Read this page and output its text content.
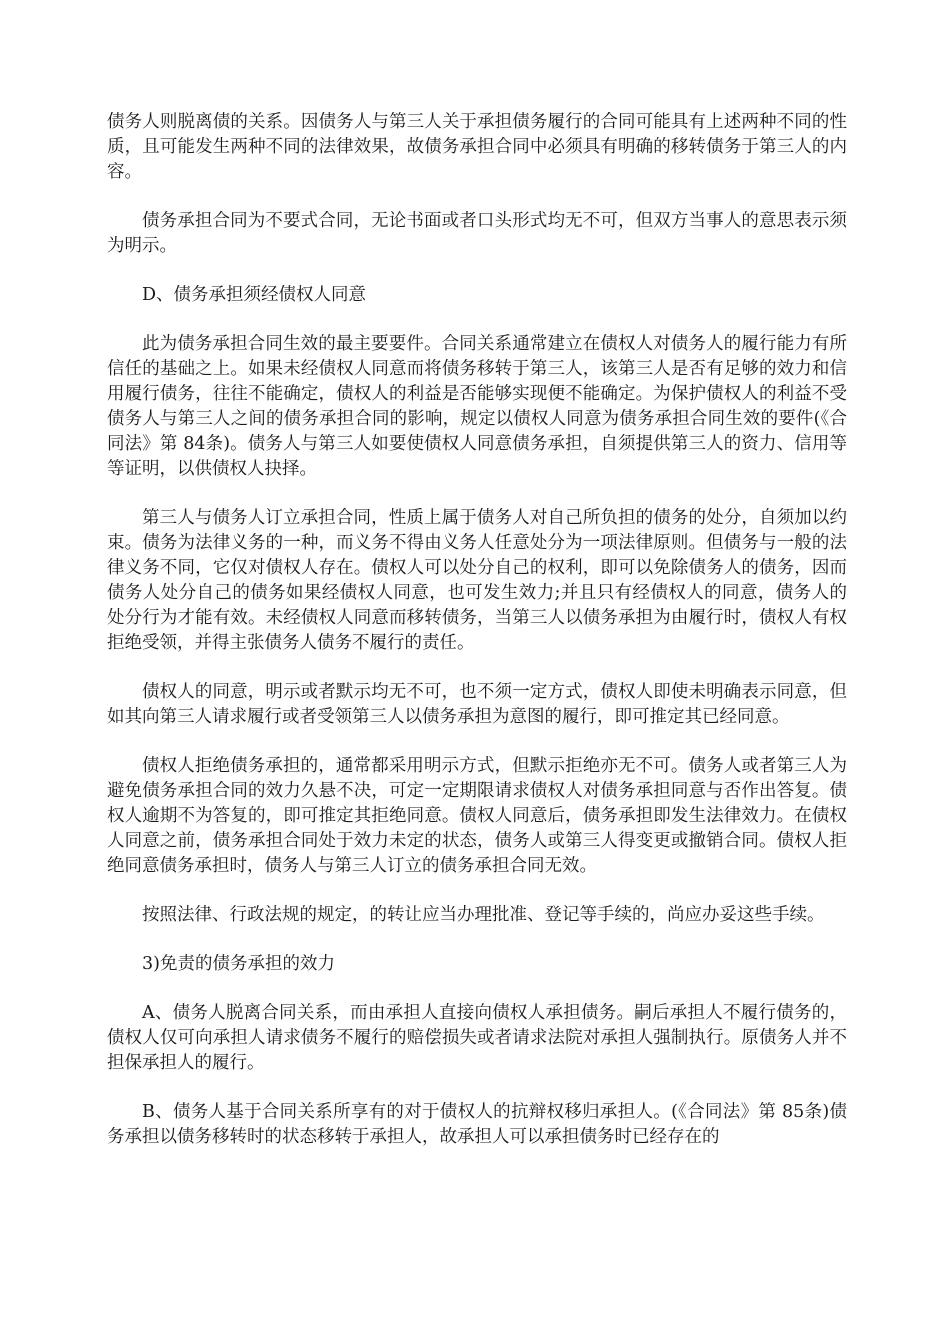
债务人则脱离债的关系。因债务人与第三人关于承担债务履行的合同可能具有上述两种不同的性质，且可能发生两种不同的法律效果，故债务承担合同中必须具有明确的移转债务于第三人的内容。

债务承担合同为不要式合同，无论书面或者口头形式均无不可，但双方当事人的意思表示须为明示。

D、债务承担须经债权人同意

此为债务承担合同生效的最主要要件。合同关系通常建立在债权人对债务人的履行能力有所信任的基础之上。如果未经债权人同意而将债务移转于第三人，该第三人是否有足够的效力和信用履行债务，往往不能确定，债权人的利益是否能够实现便不能确定。为保护债权人的利益不受债务人与第三人之间的债务承担合同的影响，规定以债权人同意为债务承担合同生效的要件(《合同法》第 84条)。债务人与第三人如要使债权人同意债务承担，自须提供第三人的资力、信用等等证明，以供债权人抉择。

第三人与债务人订立承担合同，性质上属于债务人对自己所负担的债务的处分，自须加以约束。债务为法律义务的一种，而义务不得由义务人任意处分为一项法律原则。但债务与一般的法律义务不同，它仅对债权人存在。债权人可以处分自己的权利，即可以免除债务人的债务，因而债务人处分自己的债务如果经债权人同意，也可发生效力;并且只有经债权人的同意，债务人的处分行为才能有效。未经债权人同意而移转债务，当第三人以债务承担为由履行时，债权人有权拒绝受领，并得主张债务人债务不履行的责任。

债权人的同意，明示或者默示均无不可，也不须一定方式，债权人即使未明确表示同意，但如其向第三人请求履行或者受领第三人以债务承担为意图的履行，即可推定其已经同意。

债权人拒绝债务承担的，通常都采用明示方式，但默示拒绝亦无不可。债务人或者第三人为避免债务承担合同的效力久悬不决，可定一定期限请求债权人对债务承担同意与否作出答复。债权人逾期不为答复的，即可推定其拒绝同意。债权人同意后，债务承担即发生法律效力。在债权人同意之前，债务承担合同处于效力未定的状态，债务人或第三人得变更或撤销合同。债权人拒绝同意债务承担时，债务人与第三人订立的债务承担合同无效。

按照法律、行政法规的规定，的转让应当办理批准、登记等手续的，尚应办妥这些手续。

3)免责的债务承担的效力

A、债务人脱离合同关系，而由承担人直接向债权人承担债务。嗣后承担人不履行债务的，债权人仅可向承担人请求债务不履行的赔偿损失或者请求法院对承担人强制执行。原债务人并不担保承担人的履行。

B、债务人基于合同关系所享有的对于债权人的抗辩权移归承担人。(《合同法》第 85条)债务承担以债务移转时的状态移转于承担人，故承担人可以承担债务时已经存在的
